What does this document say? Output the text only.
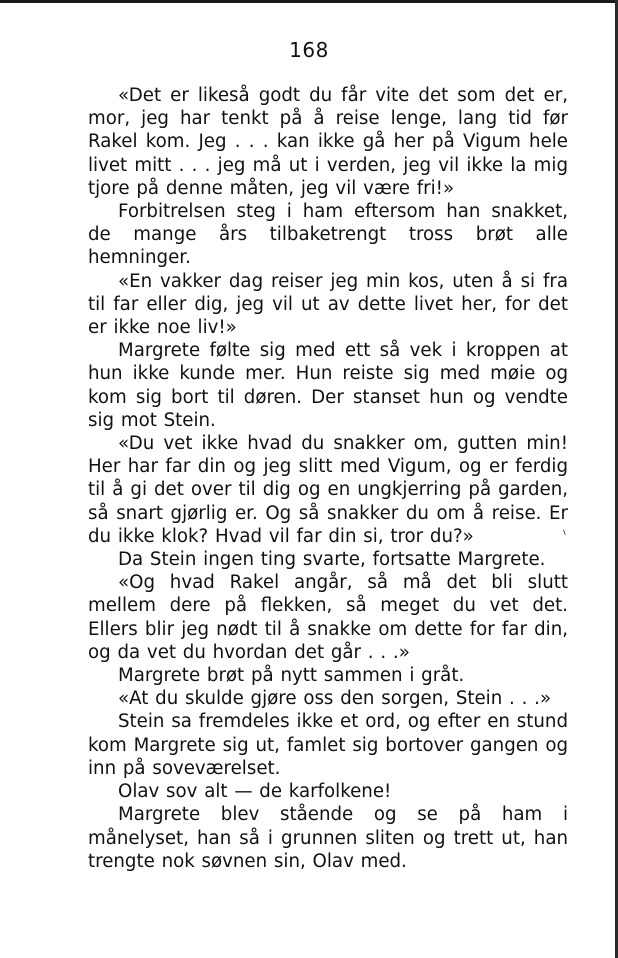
168

«Det er likeså godt du får vite det som det er, mor, jeg har tenkt på å reise lenge, lang tid før Rakel kom. Jeg . . . kan ikke gå her på Vigum hele livet mitt . . . jeg må ut i verden, jeg vil ikke la mig tjore på denne måten, jeg vil være fri!»

Forbitrelsen steg i ham eftersom han snakket, de mange års tilbaketrengt tross brøt alle hemninger.

«En vakker dag reiser jeg min kos, uten å si fra til far eller dig, jeg vil ut av dette livet her, for det er ikke noe liv!»

Margrete følte sig med ett så vek i kroppen at hun ikke kunde mer. Hun reiste sig med møie og kom sig bort til døren. Der stanset hun og vendte sig mot Stein.

«Du vet ikke hvad du snakker om, gutten min! Her har far din og jeg slitt med Vigum, og er ferdig til å gi det over til dig og en ungkjerring på garden, så snart gjørlig er. Og så snakker du om å reise. Er du ikke klok? Hvad vil far din si, tror du?»

Da Stein ingen ting svarte, fortsatte Margrete.

«Og hvad Rakel angår, så må det bli slutt mellem dere på flekken, så meget du vet det. Ellers blir jeg nødt til å snakke om dette for far din, og da vet du hvordan det går . . .»

Margrete brøt på nytt sammen i gråt.

«At du skulde gjøre oss den sorgen, Stein . . .»

Stein sa fremdeles ikke et ord, og efter en stund kom Margrete sig ut, famlet sig bortover gangen og inn på soveværelset.

Olav sov alt — de karfolkene!

Margrete blev stående og se på ham i månelyset, han så i grunnen sliten og trett ut, han trengte nok søvnen sin, Olav med.

ı
